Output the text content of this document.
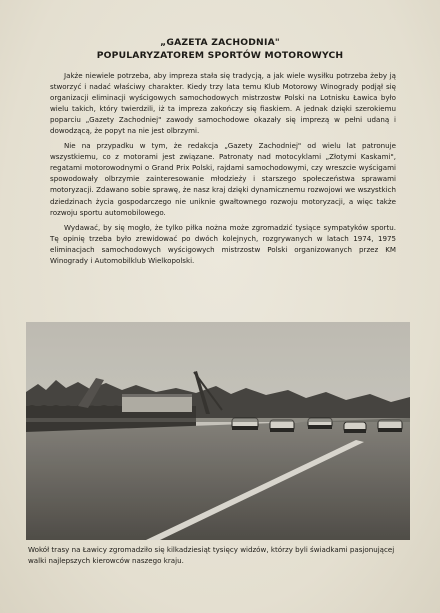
„GAZETA ZACHODNIA"
POPULARYZATOREM SPORTÓW MOTOROWYCH

Jakże niewiele potrzeba, aby impreza stała się tradycją, a jak wiele wysiłku potrzeba żeby ją stworzyć i nadać właściwy charakter. Kiedy trzy lata temu Klub Motorowy Winogrady podjął się organizacji eliminacji wyścigowych samochodowych mistrzostw Polski na Lotnisku Ławica było wielu takich, który twierdzili, iż ta impreza zakończy się fiaskiem. A jednak dzięki szerokiemu poparciu „Gazety Zachodniej" zawody samochodowe okazały się imprezą w pełni udaną i dowodzącą, że popyt na nie jest olbrzymi.

Nie na przypadku w tym, że redakcja „Gazety Zachodniej" od wielu lat patronuje wszystkiemu, co z motorami jest związane. Patronaty nad motocyklami „Złotymi Kaskami", regatami motorowodnymi o Grand Prix Polski, rajdami samochodowymi, czy wreszcie wyścigami spowodowały olbrzymie zainteresowanie młodzieży i starszego społeczeństwa sprawami motoryzacji. Zdawano sobie sprawę, że nasz kraj dzięki dynamicznemu rozwojowi we wszystkich dziedzinach życia gospodarczego nie uniknie gwałtownego rozwoju motoryzacji, a więc także rozwoju sportu automobilowego.

Wydawać, by się mogło, że tylko piłka nożna może zgromadzić tysiące sympatyków sportu. Tę opinię trzeba było zrewidować po dwóch kolejnych, rozgrywanych w latach 1974, 1975 eliminacjach samochodowych wyścigowych mistrzostw Polski organizowanych przez KM Winogrady i Automobilklub Wielkopolski.

Wokół trasy na Ławicy zgromadziło się kilkadziesiąt tysięcy widzów, którzy byli świadkami pasjonującej walki najlepszych kierowców naszego kraju.
